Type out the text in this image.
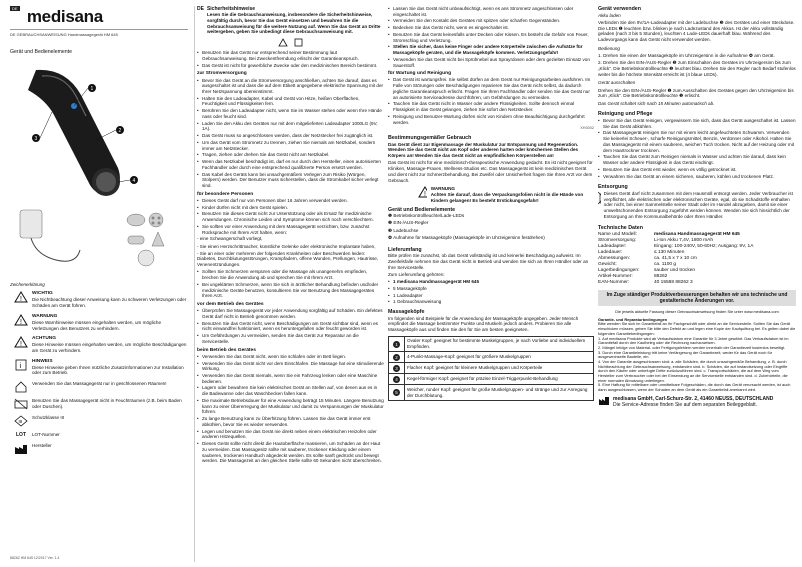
DE medisana
DE GEBRAUCHSANWEISUNG Handmassagegerät HM 645
Gerät und Bedienelemente
1
2
3
4
Zeichenerklärung
!
WICHTIG
Die Nichtbeachtung dieser Anweisung kann zu schweren Verletzungen oder Schäden am Gerät führen.
!
WARNUNG
Diese Warnhinweise müssen eingehalten werden, um mögliche Verletzungen des Benutzers zu verhindern.
!
ACHTUNG
Diese Hinweise müssen eingehalten werden, um mögliche Beschädigungen am Gerät zu verhindern.
i
HINWEIS
Diese Hinweise geben Ihnen nützliche Zusatzinformationen zur Installation oder zum Betrieb.
Verwenden Sie das Massagegerät nur in geschlossenen Räumen!
Benutzen Sie das Massagegerät nicht in Feuchträumen (z.B. beim Baden oder Duschen).
III
Schutzklasse III
LOT LOT-Nummer
Hersteller
88262 HM 645 12/2017 Ver. 1.4
DE Sicherheitshinweise
Lesen Sie die Gebrauchsanweisung, insbesondere die Sicherheitshinweise, sorgfältig durch, bevor Sie das Gerät einsetzen und bewahren Sie die Gebrauchsanweisung für die weitere Nutzung auf. Wenn Sie das Gerät an Dritte weitergeben, geben Sie unbedingt diese Gebrauchsanweisung mit.
• Benutzen Sie das Gerät nur entsprechend seiner Bestimmung laut Gebrauchsanweisung. Bei Zweckentfremdung erlischt der Garantieanspruch.
• Das Gerät ist nicht für gewerbliche Zwecke oder den medizinischen Bereich bestimmt.
zur Stromversorgung
• Bevor Sie das Gerät an die Stromversorgung anschließen, achten Sie darauf, dass es ausgeschaltet ist und dass die auf dem Etikett angegebene elektrische Spannung mit der Ihrer Netzspannung übereinstimmt.
• Halten Sie den Ladeadapter, Kabel und Gerät von Hitze, heißen Oberflächen, Feuchtigkeit und Flüssigkeiten fern.
• Berühren Sie den Ladeadapter nicht, wenn Sie im Wasser stehen oder wenn Ihre Hände nass oder feucht sind.
• Laden Sie den Akku des Gerätes nur mit dem mitgelieferten Ladeadapter 1000LG (9V, 1A).
• Das Gerät muss so angeschlossen werden, dass der Netzstecker frei zugänglich ist.
• Um das Gerät vom Stromnetz zu trennen, ziehen Sie niemals am Netzkabel, sondern immer am Netzstecker.
• Tragen, ziehen oder drehen Sie das Gerät nicht am Netzkabel.
• Wenn das Netzkabel beschädigt ist, darf es nur durch den Hersteller, einen autorisierten Fachhändler oder durch eine entsprechend qualifizierte Person ersetzt werden.
• Das Kabel des Geräts kann bei unsachgemäßem Verlegen zum Risiko (Würgen, Stolpern) werden. Der Benutzer muss sicherstellen, dass die Stromkabel sicher verlegt sind.
für besondere Personen
• Dieses Gerät darf nur von Personen über 16 Jahren verwendet werden.
• Kinder dürfen nicht mit dem Gerät spielen.
• Benutzen Sie dieses Gerät nicht zur Unterstützung oder als Ersatz für medizinische Anwendungen. Chronische Leiden und Symptome können sich noch verschlechtern.
• Sie sollten vor einer Anwendung mit dem Massagegerät verzichten, bzw. zunächst Rücksprache mit Ihrem Arzt halten, wenn:
- eine Schwangerschaft vorliegt,
- Sie einen Herzschrittmacher, künstliche Gelenke oder elektronische Implantate haben,
- Sie an einer oder mehreren der folgenden Krankheiten oder Beschwerden leiden: Diabetes, Durchblutungsstörungen, Krampfadern, offene Wunden, Prellungen, Hautrisse, Venenentzündungen.
• Sollten Sie Schmerzen verspüren oder die Massage als unangenehm empfinden, brechen Sie die Anwendung ab und sprechen Sie mit Ihrem Arzt.
• Bei ungeklärten Schmerzen, wenn Sie sich in ärztlicher Behandlung befinden und/oder medizinische Geräte benutzen, konsultieren Sie vor Benutzung des Massagegerätes Ihren Arzt.
vor dem Betrieb des Gerätes
• Überprüfen Sie Massagegerät vor jeder Anwendung sorgfältig auf Schäden. Ein defektes Gerät darf nicht in Betrieb genommen werden.
• Benutzen Sie das Gerät nicht, wenn Beschädigungen am Gerät sichtbar sind, wenn es nicht einwandfrei funktioniert, wenn es heruntergefallen oder feucht geworden ist.
• Um Gefährdungen zu vermeiden, senden Sie das Gerät zur Reparatur an die Servicestelle.
beim Betrieb des Gerätes
• Verwenden Sie das Gerät nicht, wenn Sie schlafen oder im Bett liegen.
• Verwenden Sie das Gerät nicht vor dem Einschlafen. Die Massage hat eine stimulierende Wirkung.
• Verwenden Sie das Gerät niemals, wenn Sie ein Fahrzeug lenken oder eine Maschine bedienen.
• Lagern oder bewahren Sie kein elektrisches Gerät an Stellen auf, von denen aus es in die Badewanne oder das Waschbecken fallen kann.
• Die maximale Betriebsdauer für eine Anwendung beträgt 15 Minuten. Längere Benutzung kann zu einer Übererregung der Muskulatur und damit zu Verspannungen der Muskulatur führen.
• Zu lange Benutzung kann zu Überhitzung führen. Lassen Sie das Gerät immer erst abkühlen, bevor Sie es wieder verwenden.
• Legen und benutzen Sie das Gerät nie direkt neben einem elektrischen Heizofen oder anderen Hitzequellen.
• Dieses Gerät sollte nicht direkt die Hautoberfläche massieren, um Schäden an der Haut zu vermeiden. Das Massagesitz sollte mit sauberer, trockener Kleidung oder einem sauberen, trockenen Handtuch abgedeckt werden. Es sollte sanft gedrückt und bewegt werden. Die Massagezeit an den gleichen Stelle sollte 60 Sekunden nicht überschreiten.
• Lassen Sie das Gerät nicht unbeaufsichtigt, wenn es ans Stromnetz angeschlossen oder eingeschaltet ist.
• Vermeiden Sie den Kontakt des Gerätes mit spitzen oder scharfen Gegenständen.
• Bedecken Sie das Gerät nicht, wenn es eingeschaltet ist.
• Benutzen Sie das Gerät keinesfalls unter Decken oder Kissen. Es besteht die Gefahr von Feuer, Stromschlag und Verletzung.
• Stellen Sie sicher, dass keine Finger oder andere Körperteile zwischen die Aufsätze für Massageköpfe geraten, und die Massageköpfe kommen. Verletzungsgefahr!
• Verwenden Sie das Gerät nicht bei Sprühnebel aus Sprayrdosen oder dem gezielten Einsatz von Sauerstoff.
für Wartung und Reinigung
• Das Gerät ist wartungsfrei. Sie selbst dürfen an dem Gerät nur Reinigungsarbeiten ausführen. Im Falle von Störungen oder Beschädigungen reparieren Sie das Gerät nicht selbst, da dadurch jegliche Garantieanspruch erlischt. Fragen Sie Ihren Fachhändler oder senden Sie das Gerät nur an autorisierte Serviceadresse durchführen, um Gefährdungen zu vermeiden.
• Tauchen Sie das Gerät nicht in Wasser oder andere Flüssigkeiten. Sollte dennoch einmal Flüssigkeit in das Gerät gelangen, ziehen Sie sofort den Netzstecker.
• Reinigung und Benutzer-Wartung dürfen nicht von Kindern ohne Beaufsichtigung durchgeführt werden.
XH3002
Bestimmungsgemäßer Gebrauch
Das Gerät dient zur Eigenmassage der Muskulatur zur Entspannung und Regeneration. Wenden Sie das Gerät nicht am Kopf oder anderen harten oder knöchernen Stellen des Körpers an! Wenden Sie das Gerät nicht an empfindlichen Körperstellen an!
Das Gerät ist nicht für eine medizinisch-therapeutische Anwendung gedacht. Es ist nicht geeignet für Kliniken, Massage-Praxen, Wellness-Studios etc. Das Massagegerät ist kein medizinisches Gerät und dient nicht zur Schmerzbehandlung. Bei Zweifel oder Unsicherheit fragen Sie Ihren Arzt vor dem Gebrauch.
!
WARNUNG
Achten Sie darauf, dass die Verpackungsfolien nicht in die Hände von Kindern gelangen! Es besteht Erstickungsgefahr!
Gerät und Bedienelemente
❶ Betriebskontrollleuchte/Lade-LEDs
❷ EIN-/AUS-Regler
❸ Ladebuchse
❹ Aufnahme für Massageköpfe (Massageköpfe im Uhrzeigersinn festdrehen)
Lieferumfang
Bitte prüfen Sie zunächst, ob das Gerät vollständig ist und keinerlei Beschädigung aufweist. Im Zweifelsfalle nehmen Sie das Gerät nicht in Betrieb und wenden Sie sich an Ihren Händler oder an Ihre Servicestelle.
Zum Lieferumfang gehören:
• 1 medisana Handmassagegerät HM 645
• 5 Massageköpfe
• 1 Ladeadapter
• 1 Gebrauchsanweisung
Massageköpfe
Im folgenden sind Beispiele für die Anwendung der Massageköpfe angegeben. Jeder Mensch empfindet die Massage bestimmter Punkte und Muskeln jedoch anders. Probieren Sie alle Massageköpfe aus und finden Sie den für Sie am besten geeigneten.
1	Ovaler Kopf: geeignet für bestimmte Muskelgruppen, je nach Vorliebe und individuellem Empfinden.
2	4-Punkt-Massage-Kopf: geeignet für größere Muskelgruppen
3	Flacher Kopf: geeignet für kleinere Muskelgruppen und Körperteile
4	Kegel-förmiger Kopf: geeignet für präzise Einzel-Triggerpunkt-Behandlung
5	Weicher, runder Kopf: geeignet für große Muskelgruppen- und stränge und zur Anregung der Durchblutung.
Gerät verwenden
Akku laden
Verbinden Sie den 9V/1A-Ladeadapter mit der Ladebuchse ❸ des Gerätes und einer Steckdose. Die LEDs ❶ leuchten bzw. blinken je nach Ladezustand des Akkus. Ist der Akku vollständig geladen (nach 3 bis 5 Stunden), leuchten 4 Lade-LEDs dauerhaft blau. Während des Ladevorgangs kann das Gerät nicht verwendet werden.
Bedienung
1. Drehen Sie einen der Massageköpfe im Uhrzeigersinn in die Aufnahme ❹ am Gerät.
2. Drehen Sie den EIN-/AUS-Regler ❷ zum Einschalten des Gerätes im Uhrzeigersinn bis zum „Klick“. Die Betriebskontrollleuchte ❶ leuchtet blau. Drehen Sie den Regler nach Bedarf stufenlos weiter bis die höchste Intensität erreicht ist (4 blaue LEDs).
Gerät ausschalten
Drehen Sie den EIN-/AUS-Regler ❷ zum Ausschalten des Gerätes gegen den Uhrzeigersinn bis zum „Klick“. Die Betriebskontrollleuchte ❶ erlischt.
Das Gerät schaltet sich nach 15 Minuten automatisch ab.
Reinigung und Pflege
• Bevor Sie das Gerät reinigen, vergewissern Sie sich, dass das Gerät ausgeschaltet ist. Lassen Sie das Gerät abkühlen.
• Das Massagegerät reinigen Sie nur mit einem leicht angefeuchteten Schwamm. Verwenden Sie keinerlei Scheuer-, scharfe Reinigungsmittel, Benzin, Verdünner oder Alkohol. Halten Sie das Massagegerät mit einem sauberen, weichen Tuch trocken. Nicht auf der Heizung oder mit dem Haartrockner trocknen.
• Tauchen Sie das Gerät zum Reinigen niemals in Wasser und achten Sie darauf, dass kein Wasser oder andere Flüssigkeit in das Gerät eindringt.
• Benutzen Sie das Gerät erst wieder, wenn es völlig getrocknet ist.
• Verwahren Sie das Gerät an einem sicheren, sauberen, kühlen und trockenen Platz.
Entsorgung
Dieses Gerät darf nicht zusammen mit dem Hausmüll entsorgt werden. Jeder Verbraucher ist verpflichtet, alle elektrischen oder elektronischen Geräte, egal, ob sie Schadstoffe enthalten oder nicht, bei einer Sammelstelle seiner Stadt oder im Handel abzugeben, damit sie einer umweltschonenden Entsorgung zugeführt werden können. Wenden Sie sich hinsichtlich der Entsorgung an Ihre Kommunalbehörde oder Ihren Händler.
Technische Daten
Name und Modell:	medisana Handmassagegerät HM 645
Stromversorgung:	Li-Ion Akku 7,4V, 1800 mAh
Ladeadapter:	Eingang: 100-240V, 50-60Hz; Ausgang: 9V, 1A
Ladedauer:	≤ 130 Minuten
Abmessungen:	ca. 41,5 x 7 x 10 cm
Gewicht:	ca. 1100 g
Lagerbedingungen:	sauber und trocken
Artikel-Nummer:	88262
EAN-Nummer:	40 15588 88262 3
Im Zuge ständiger Produktverbesserungen behalten wir uns technische und gestalterische Änderungen vor.
Die jeweils aktuelle Fassung dieser Gebrauchsanweisung finden Sie unter www.medisana.com
Garantie- und Reparaturbedingungen
Bitte wenden Sie sich im Garantiefall an Ihr Fachgeschäft oder direkt an die Servicestelle. Sollten Sie das Gerät einschicken müssen, geben Sie bitte den Defekt an und legen eine Kopie der Kaufquittung bei. Es gelten dabei die folgenden Garantiebedingungen:
1. Auf medisana Produkte wird ab Verkaufsdatum eine Garantie für 3 Jahre gewährt. Das Verkaufsdatum ist im Garantiefall durch den Kaufbeleg oder die Rechnung nachzuweisen.
2. Mängel infolge von Material- oder Fertigungsfehlern werden innerhalb der Garantiezeit kostenlos beseitigt.
3. Durch eine Garantieleistung tritt keine Verlängerung der Garantiezeit, weder für das Gerät noch für ausgewechselte Bauteile, ein.
4. Von der Garantie ausgeschlossen sind: a. alle Schäden, die durch unsachgemäße Behandlung, z. B. durch Nichtbeachtung der Gebrauchsanweisung, entstanden sind. b. Schäden, die auf Instandsetzung oder Eingriffe durch den Käufer oder unbefugte Dritte zurückzuführen sind. c. Transportschäden, die auf dem Weg vom Hersteller zum Verbraucher oder bei der Einsendung an die Servicestelle entstanden sind. d. Zubehörteile, die einer normalen Abnutzung unterliegen.
5. Eine Haftung für mittelbare oder unmittelbare Folgeschäden, die durch das Gerät verursacht werden, ist auch dann ausgeschlossen, wenn der Schaden an dem Gerät als ein Garantiefall anerkannt wird.
medisana GmbH, Carl-Schurz-Str. 2, 41460 NEUSS, DEUTSCHLAND
Die Service-Adresse finden Sie auf dem separaten Beileggeblatt.
